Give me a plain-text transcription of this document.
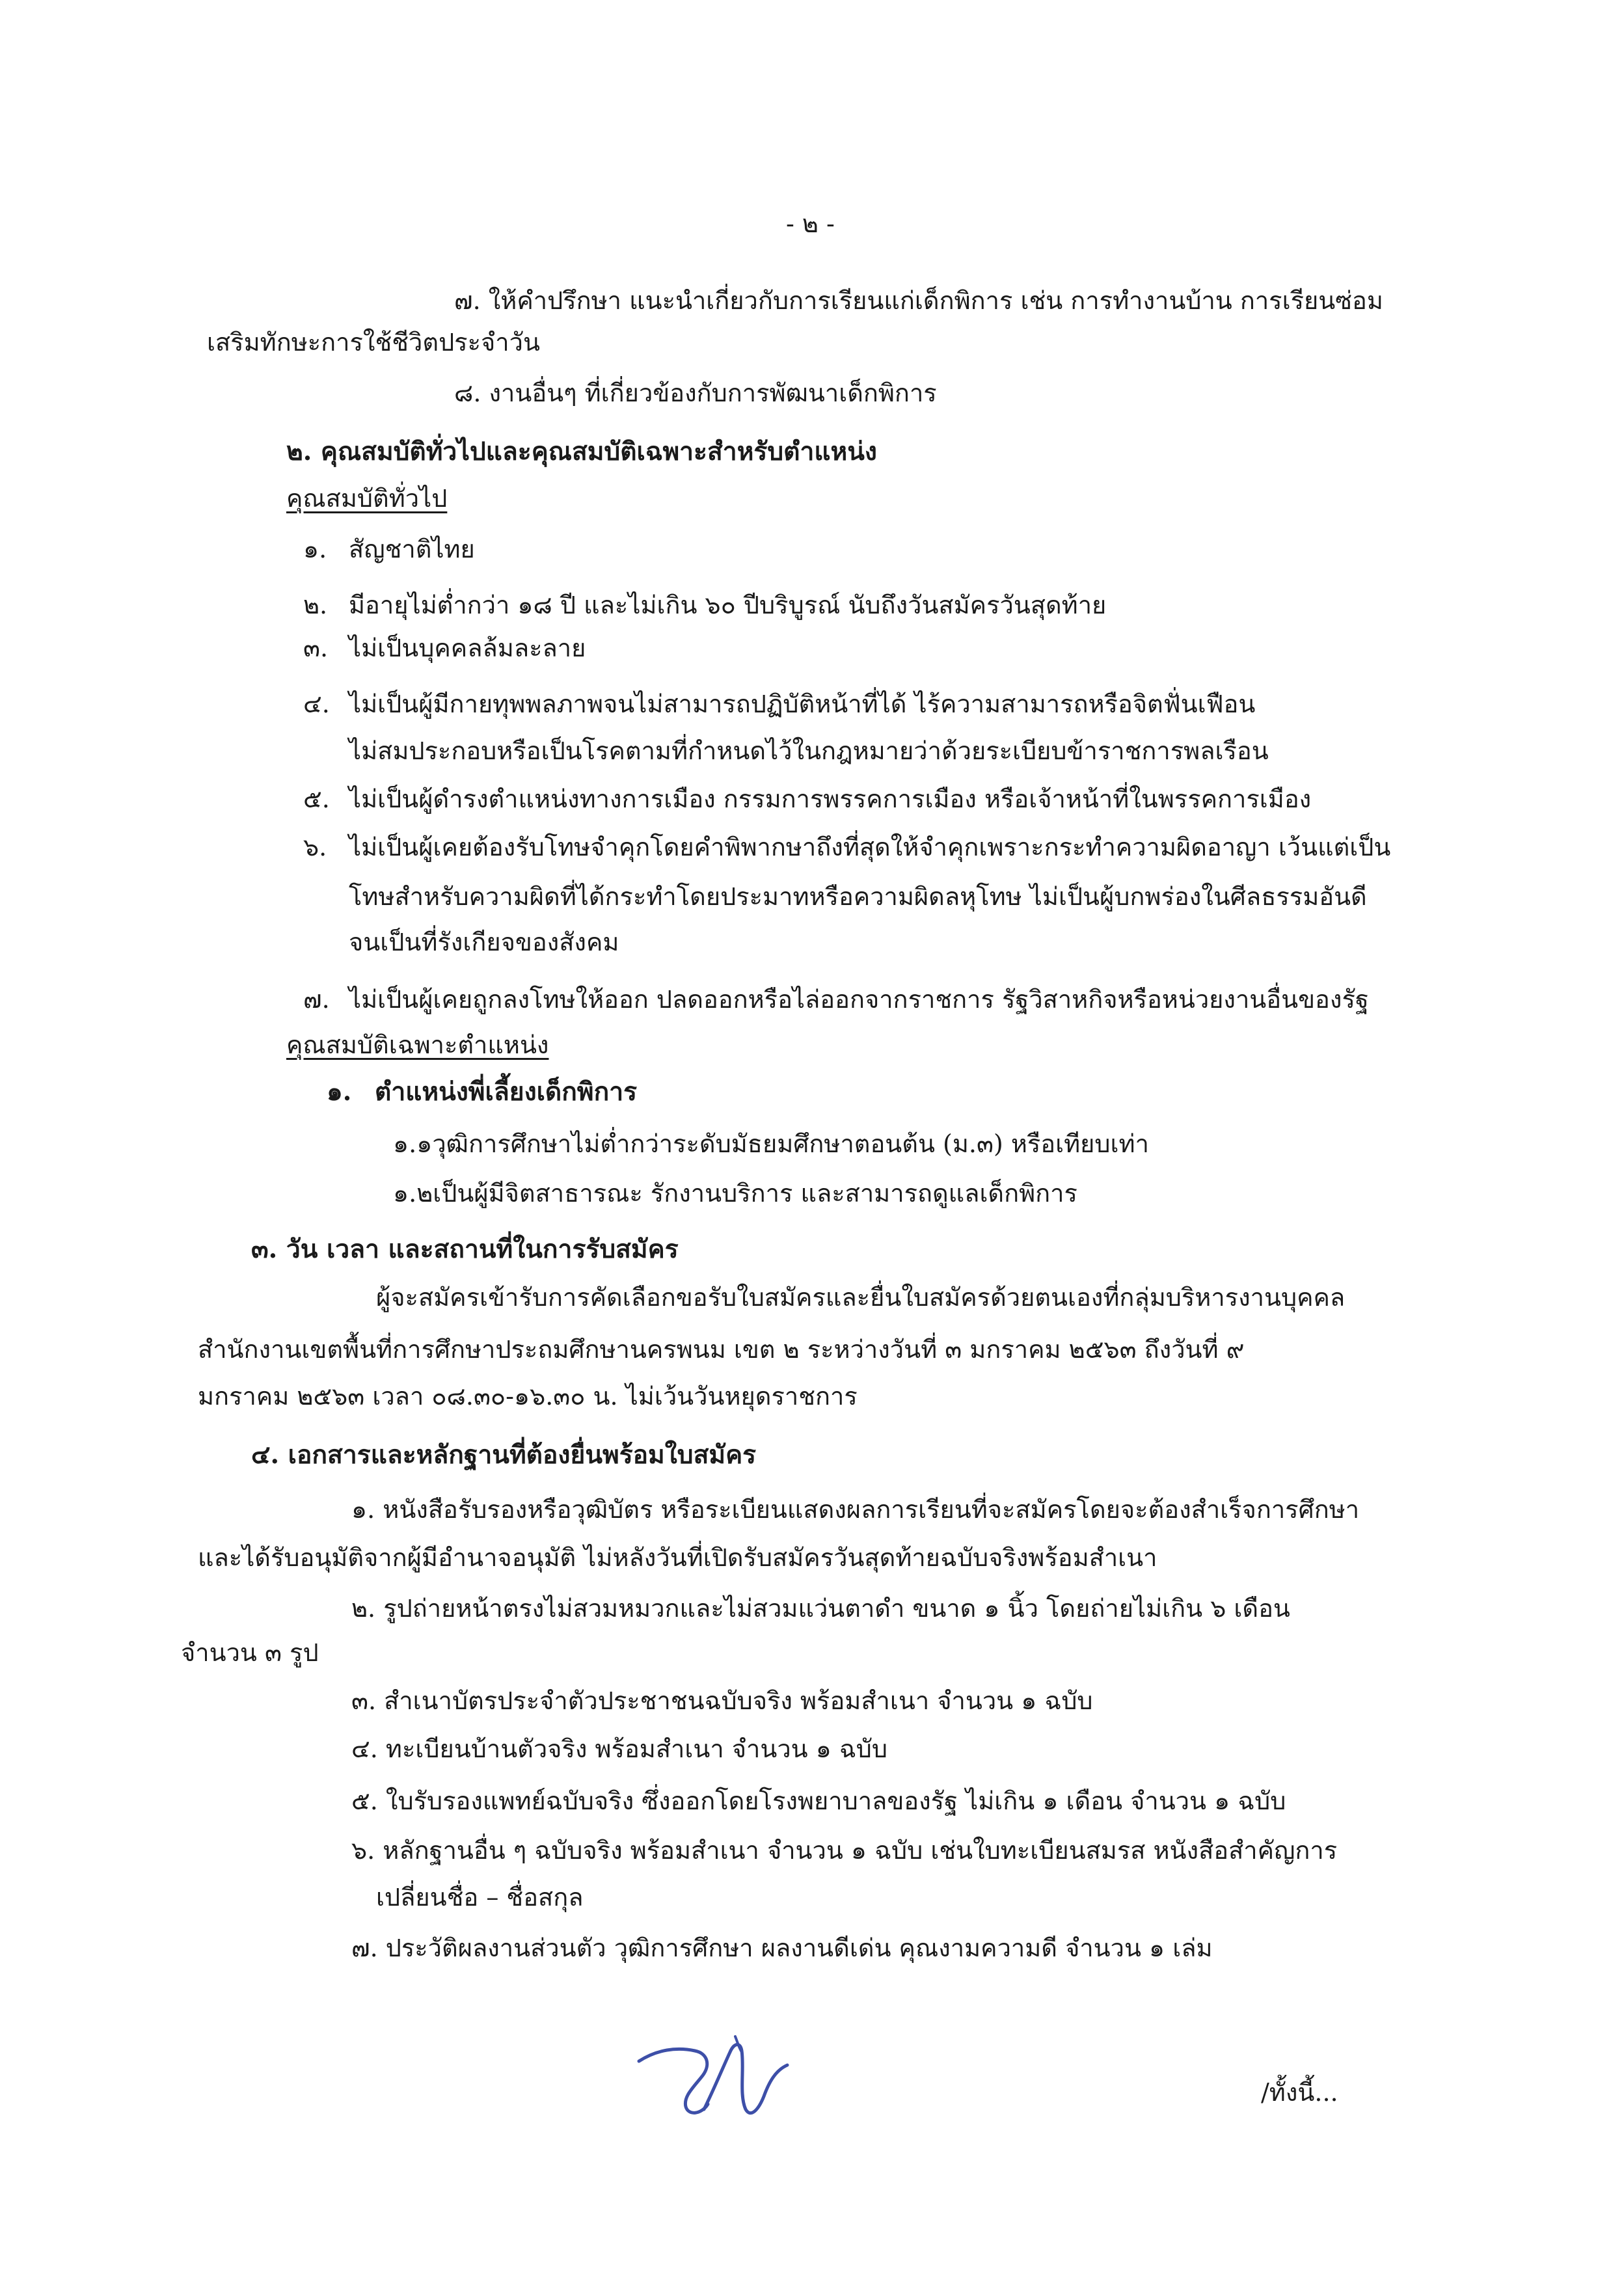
- ๒ -
๗. ให้คำปรึกษา แนะนำเกี่ยวกับการเรียนแก่เด็กพิการ เช่น การทำงานบ้าน การเรียนซ่อม
เสริมทักษะการใช้ชีวิตประจำวัน
๘. งานอื่นๆ ที่เกี่ยวข้องกับการพัฒนาเด็กพิการ
๒. คุณสมบัติทั่วไปและคุณสมบัติเฉพาะสำหรับตำแหน่ง
คุณสมบัติทั่วไป
๑. สัญชาติไทย
๒. มีอายุไม่ต่ำกว่า ๑๘ ปี และไม่เกิน ๖๐ ปีบริบูรณ์ นับถึงวันสมัครวันสุดท้าย
๓. ไม่เป็นบุคคลล้มละลาย
๔. ไม่เป็นผู้มีกายทุพพลภาพจนไม่สามารถปฏิบัติหน้าที่ได้ ไร้ความสามารถหรือจิตฟั่นเฟือน
ไม่สมประกอบหรือเป็นโรคตามที่กำหนดไว้ในกฎหมายว่าด้วยระเบียบข้าราชการพลเรือน
๕. ไม่เป็นผู้ดำรงตำแหน่งทางการเมือง กรรมการพรรคการเมือง หรือเจ้าหน้าที่ในพรรคการเมือง
๖. ไม่เป็นผู้เคยต้องรับโทษจำคุกโดยคำพิพากษาถึงที่สุดให้จำคุกเพราะกระทำความผิดอาญา เว้นแต่เป็น
โทษสำหรับความผิดที่ได้กระทำโดยประมาทหรือความผิดลหุโทษ ไม่เป็นผู้บกพร่องในศีลธรรมอันดี
จนเป็นที่รังเกียจของสังคม
๗. ไม่เป็นผู้เคยถูกลงโทษให้ออก ปลดออกหรือไล่ออกจากราชการ รัฐวิสาหกิจหรือหน่วยงานอื่นของรัฐ
คุณสมบัติเฉพาะตำแหน่ง
๑. ตำแหน่งพี่เลี้ยงเด็กพิการ
๑.๑วุฒิการศึกษาไม่ต่ำกว่าระดับมัธยมศึกษาตอนต้น (ม.๓) หรือเทียบเท่า
๑.๒เป็นผู้มีจิตสาธารณะ รักงานบริการ และสามารถดูแลเด็กพิการ
๓. วัน เวลา และสถานที่ในการรับสมัคร
ผู้จะสมัครเข้ารับการคัดเลือกขอรับใบสมัครและยื่นใบสมัครด้วยตนเองที่กลุ่มบริหารงานบุคคล
สำนักงานเขตพื้นที่การศึกษาประถมศึกษานครพนม เขต ๒ ระหว่างวันที่ ๓ มกราคม ๒๕๖๓ ถึงวันที่ ๙
มกราคม ๒๕๖๓ เวลา ๐๘.๓๐-๑๖.๓๐ น. ไม่เว้นวันหยุดราชการ
๔. เอกสารและหลักฐานที่ต้องยื่นพร้อมใบสมัคร
๑. หนังสือรับรองหรือวุฒิบัตร หรือระเบียนแสดงผลการเรียนที่จะสมัครโดยจะต้องสำเร็จการศึกษา
และได้รับอนุมัติจากผู้มีอำนาจอนุมัติ ไม่หลังวันที่เปิดรับสมัครวันสุดท้ายฉบับจริงพร้อมสำเนา
๒. รูปถ่ายหน้าตรงไม่สวมหมวกและไม่สวมแว่นตาดำ ขนาด ๑ นิ้ว โดยถ่ายไม่เกิน ๖ เดือน
จำนวน ๓ รูป
๓. สำเนาบัตรประจำตัวประชาชนฉบับจริง พร้อมสำเนา จำนวน ๑ ฉบับ
๔. ทะเบียนบ้านตัวจริง พร้อมสำเนา จำนวน ๑ ฉบับ
๕. ใบรับรองแพทย์ฉบับจริง ซึ่งออกโดยโรงพยาบาลของรัฐ ไม่เกิน ๑ เดือน จำนวน ๑ ฉบับ
๖. หลักฐานอื่น ๆ ฉบับจริง พร้อมสำเนา จำนวน ๑ ฉบับ เช่นใบทะเบียนสมรส หนังสือสำคัญการ
เปลี่ยนชื่อ – ชื่อสกุล
๗. ประวัติผลงานส่วนตัว วุฒิการศึกษา ผลงานดีเด่น คุณงามความดี จำนวน ๑ เล่ม
/ทั้งนี้...
